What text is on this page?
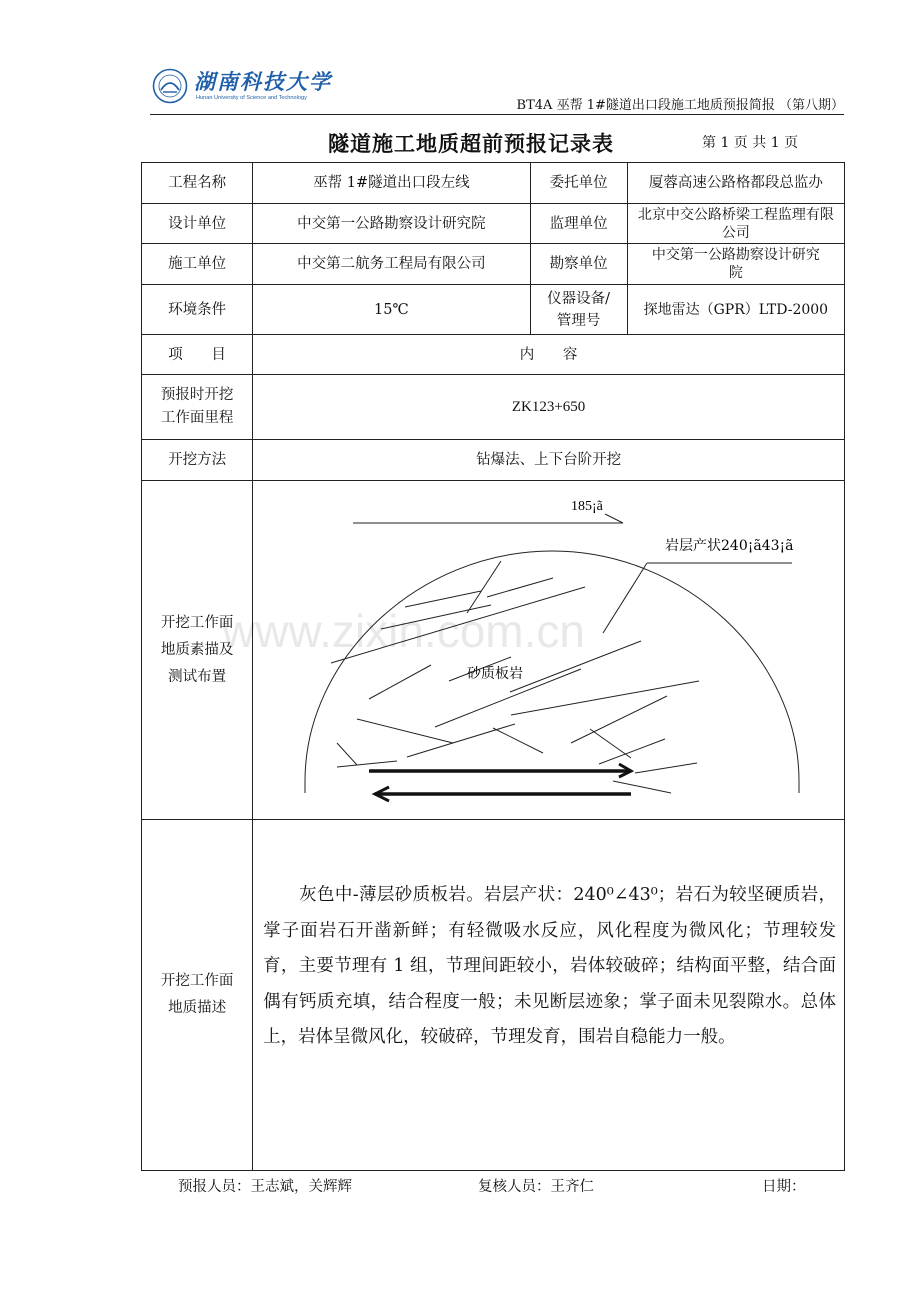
湖南科技大学
Hunan University of Science and Technology	BT4A 巫帮 1#隧道出口段施工地质预报简报 （第八期）
隧道施工地质超前预报记录表	第 1 页 共 1 页
工程名称	巫帮 1#隧道出口段左线	委托单位	厦蓉高速公路格都段总监办
设计单位	中交第一公路勘察设计研究院	监理单位	北京中交公路桥梁工程监理有限公司
施工单位	中交第二航务工程局有限公司	勘察单位	中交第一公路勘察设计研究院
环境条件	15℃	仪器设备/管理号	探地雷达（GPR）LTD-2000
项 目	内 容		
预报时开挖工作面里程	ZK123+650		
开挖方法	钻爆法、上下台阶开挖		
开挖工作面地质素描及测试布置	185¡ã
岩层产状240¡ã43¡ã
砂质板岩		

开挖工作面地质描述	灰色中-薄层砂质板岩。岩层产状：240⁰∠43⁰；岩石为较坚硬质岩，掌子面岩石开凿新鲜；有轻微吸水反应，风化程度为微风化；节理较发育，主要节理有 1 组，节理间距较小，岩体较破碎；结构面平整，结合面偶有钙质充填，结合程度一般；未见断层迹象；掌子面未见裂隙水。总体上，岩体呈微风化，较破碎，节理发育，围岩自稳能力一般。		
预报人员：王志斌，关辉辉	复核人员：王齐仁	日期：
www.zixin.com.cn
